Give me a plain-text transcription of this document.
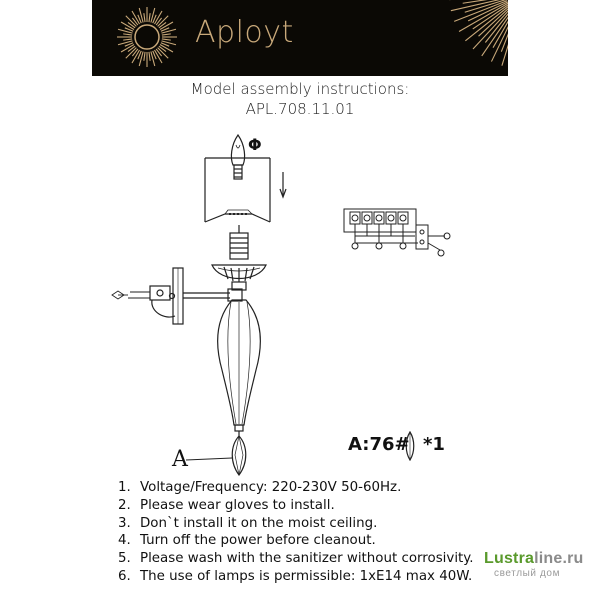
Aployt
Model assembly instructions:
APL.708.11.01
Φ
A
A:76# *1
1. Voltage/Frequency: 220-230V 50-60Hz.
2. Please wear gloves to install.
3. Don`t install it on the moist ceiling.
4. Turn off the power before cleanout.
5. Please wash with the sanitizer without corrosivity.
6. The use of lamps is permissible: 1xE14 max 40W.
Lustraline.ru
светлый дом
